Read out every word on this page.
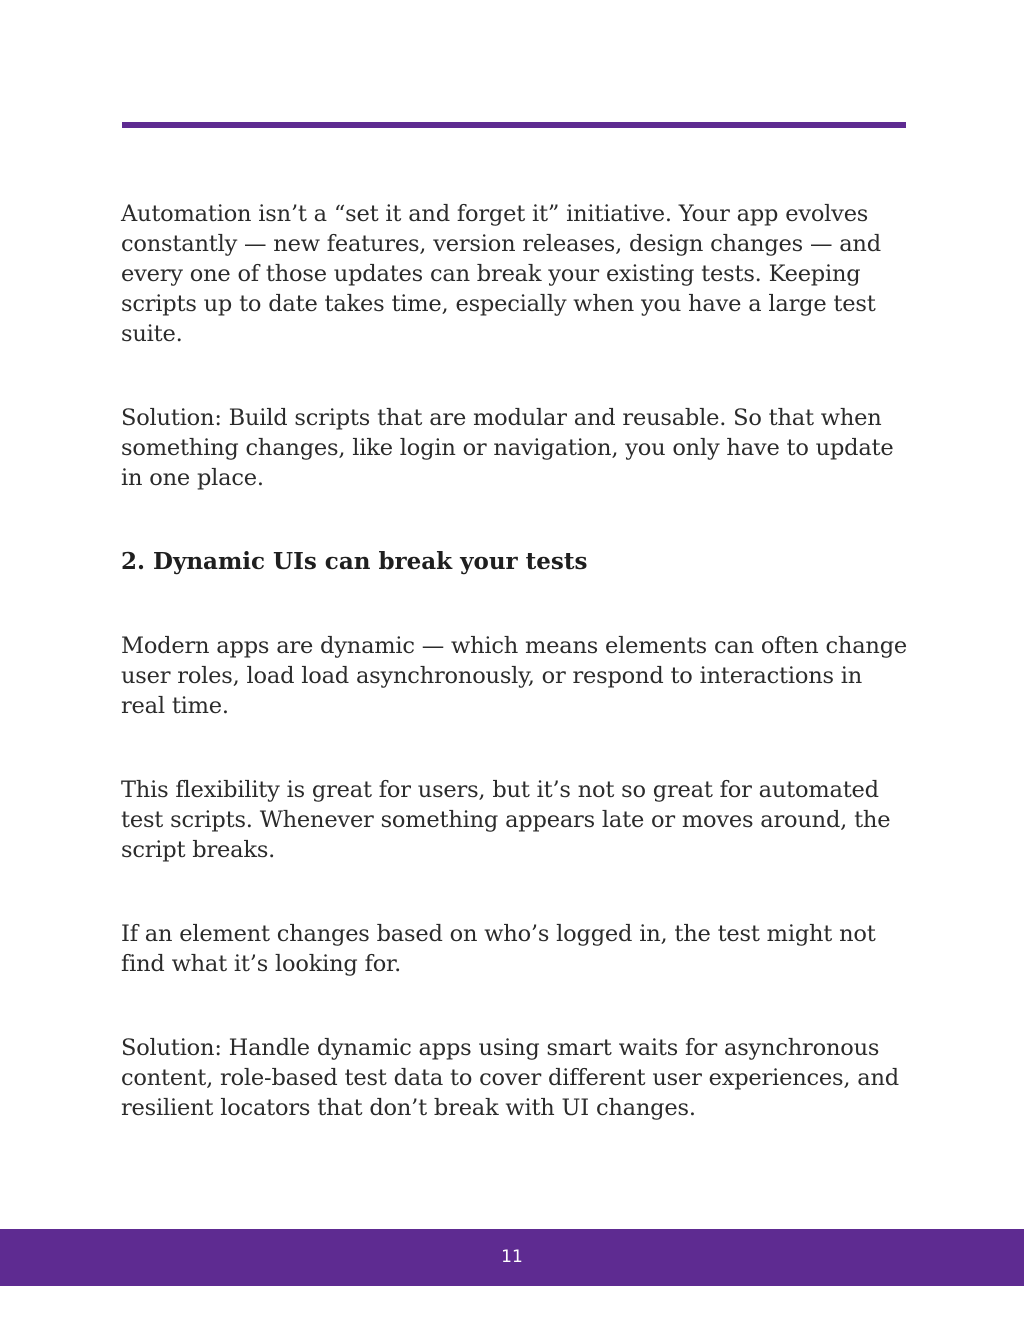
Automation isn’t a “set it and forget it” initiative. Your app evolves constantly — new features, version releases, design changes — and every one of those updates can break your existing tests. Keeping scripts up to date takes time, especially when you have a large test suite.

Solution: Build scripts that are modular and reusable. So that when something changes, like login or navigation, you only have to update in one place.

2. Dynamic UIs can break your tests

Modern apps are dynamic — which means elements can often change user roles, load load asynchronously, or respond to interactions in real time.

This flexibility is great for users, but it’s not so great for automated test scripts. Whenever something appears late or moves around, the script breaks.

If an element changes based on who’s logged in, the test might not find what it’s looking for.

Solution: Handle dynamic apps using smart waits for asynchronous content, role-based test data to cover different user experiences, and resilient locators that don’t break with UI changes.

11
